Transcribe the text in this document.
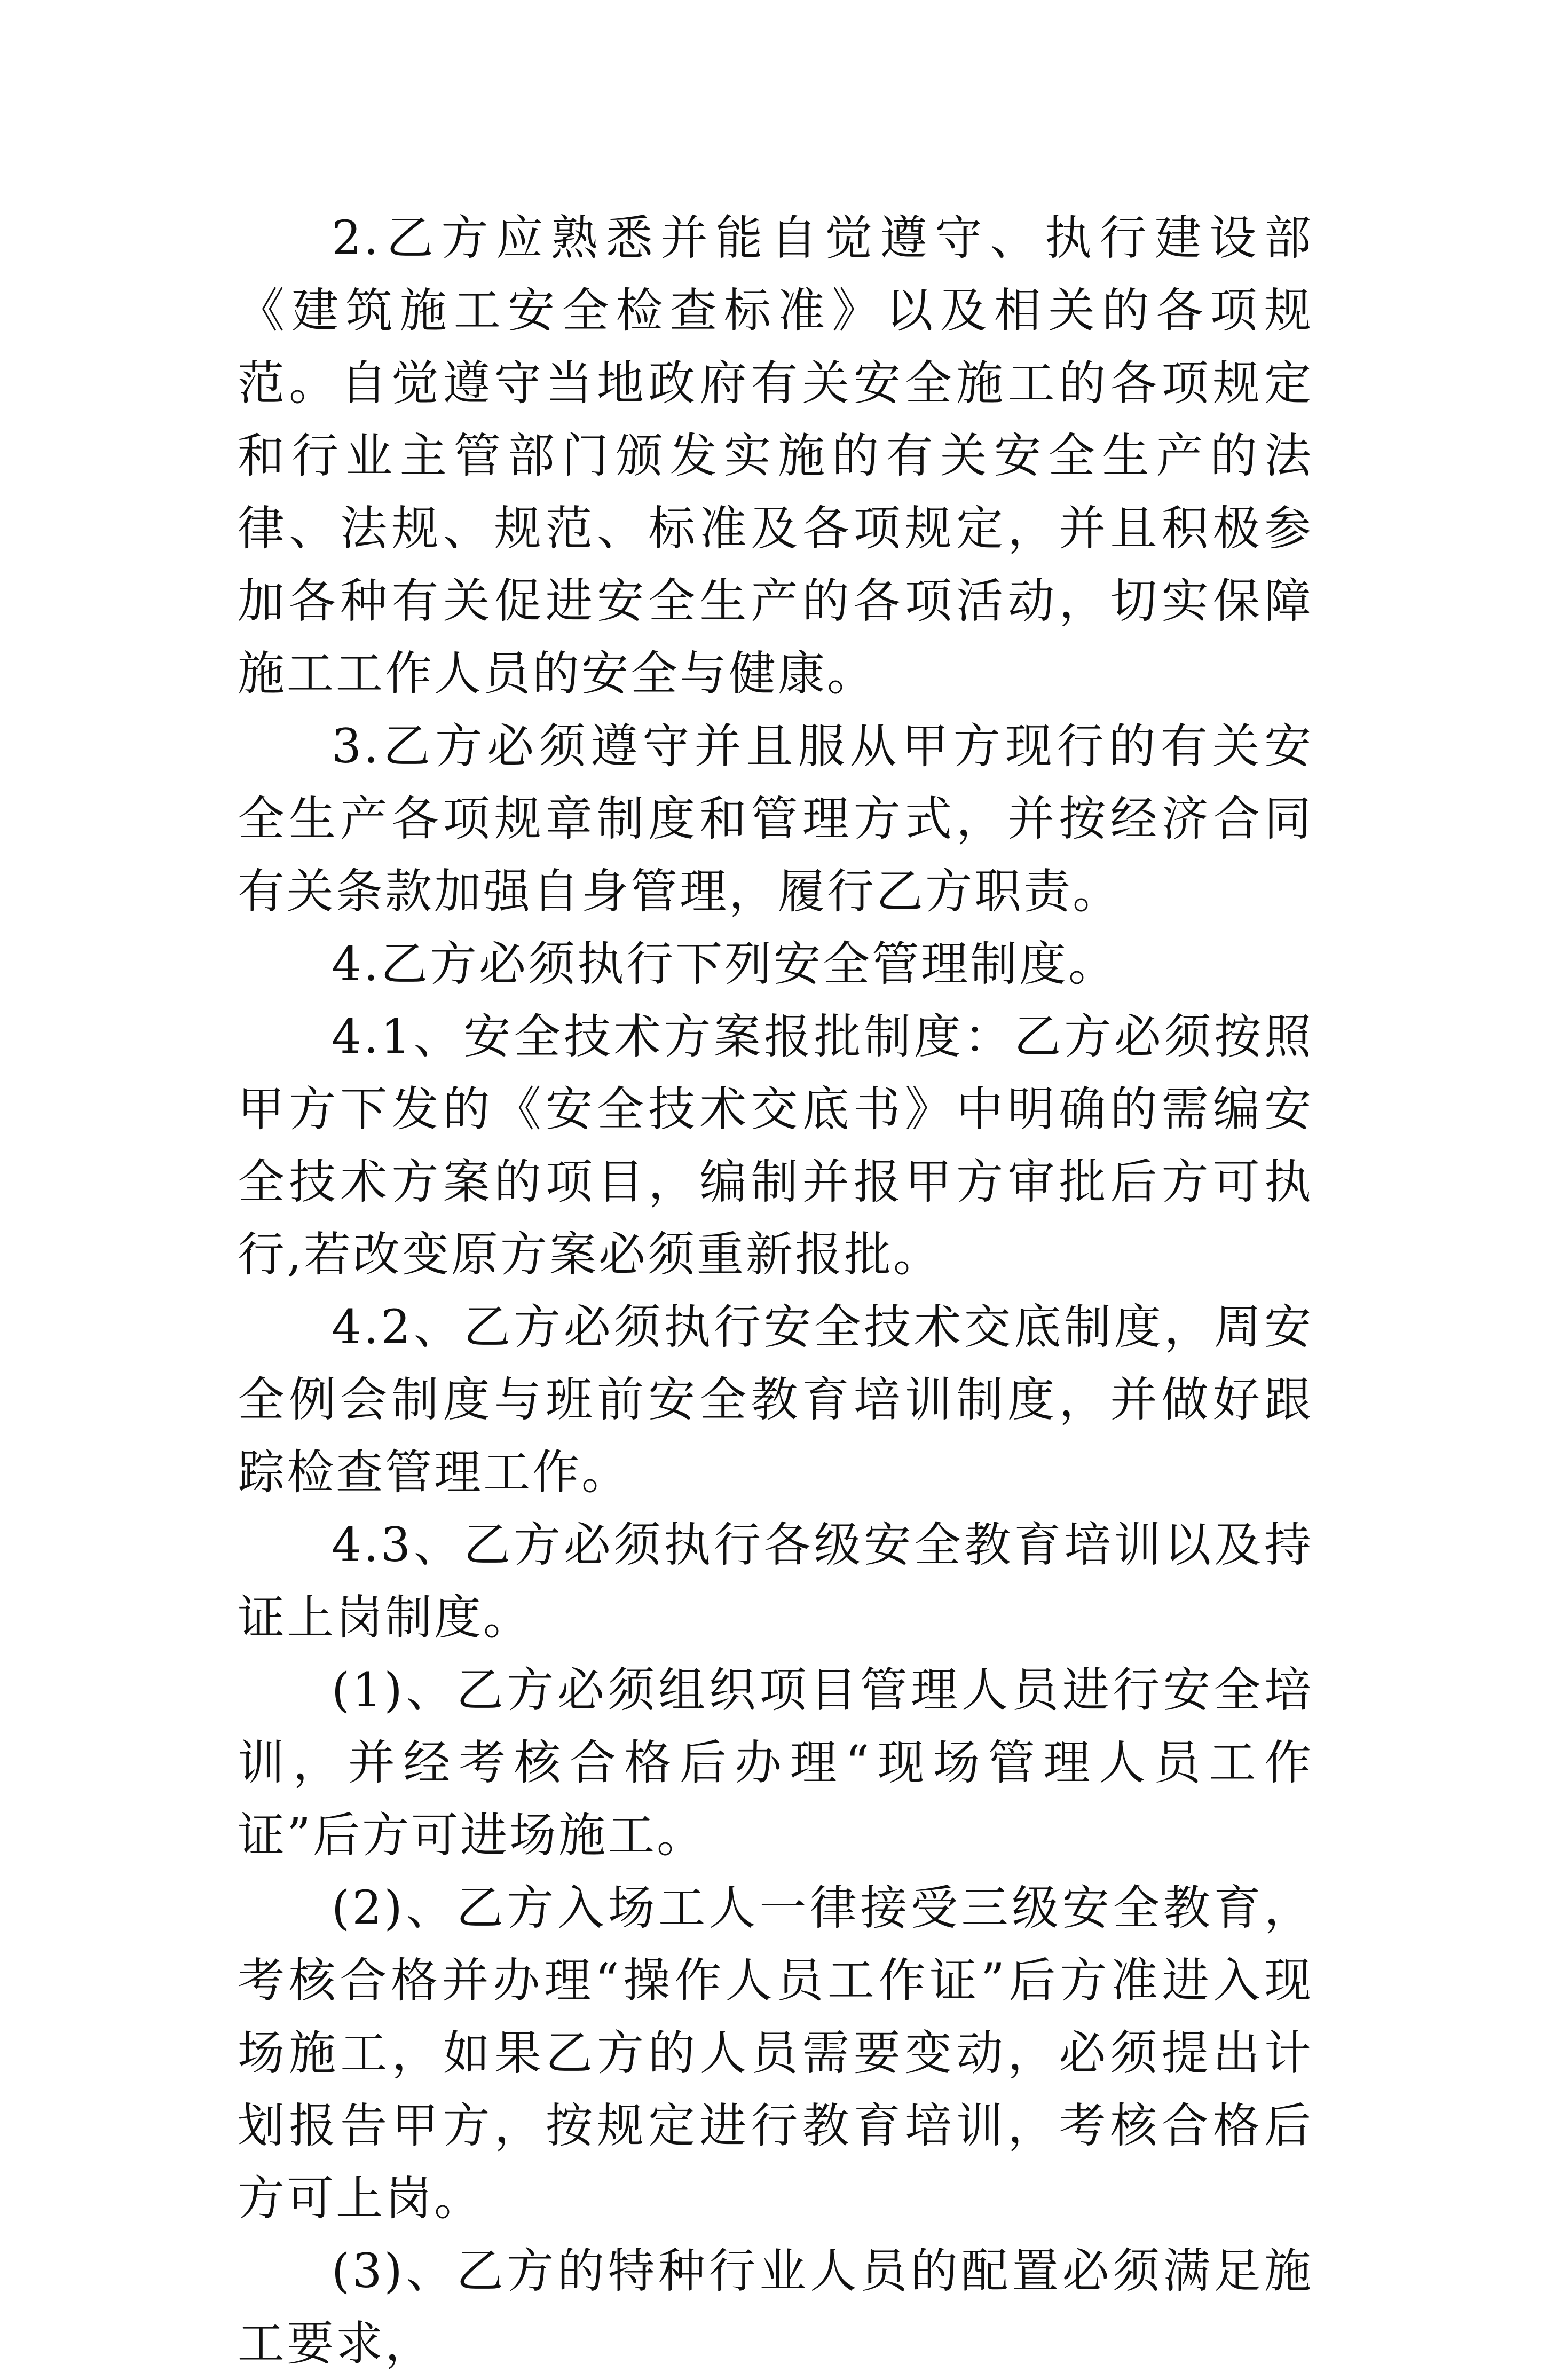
2.乙方应熟悉并能自觉遵守、执行建设部《建筑施工安全检查标准》以及相关的各项规范。自觉遵守当地政府有关安全施工的各项规定和行业主管部门颁发实施的有关安全生产的法律、法规、规范、标准及各项规定，并且积极参加各种有关促进安全生产的各项活动，切实保障施工工作人员的安全与健康。

3.乙方必须遵守并且服从甲方现行的有关安全生产各项规章制度和管理方式，并按经济合同有关条款加强自身管理，履行乙方职责。

4.乙方必须执行下列安全管理制度。

4.1、安全技术方案报批制度：乙方必须按照甲方下发的《安全技术交底书》中明确的需编安全技术方案的项目，编制并报甲方审批后方可执行,若改变原方案必须重新报批。

4.2、乙方必须执行安全技术交底制度，周安全例会制度与班前安全教育培训制度，并做好跟踪检查管理工作。

4.3、乙方必须执行各级安全教育培训以及持证上岗制度。

(1)、乙方必须组织项目管理人员进行安全培训，并经考核合格后办理“现场管理人员工作证”后方可进场施工。

(2)、乙方入场工人一律接受三级安全教育，考核合格并办理“操作人员工作证”后方准进入现场施工，如果乙方的人员需要变动，必须提出计划报告甲方，按规定进行教育培训，考核合格后方可上岗。

(3)、乙方的特种行业人员的配置必须满足施工要求，
